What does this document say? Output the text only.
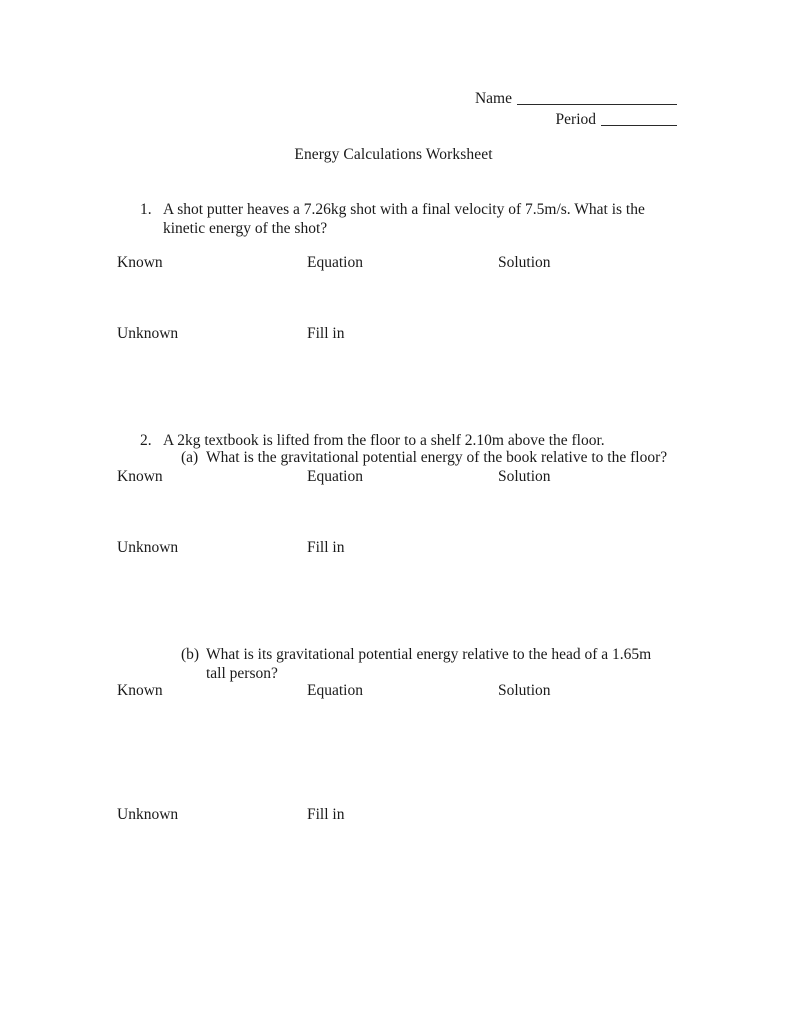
Name
Period
Energy Calculations Worksheet
1. A shot putter heaves a 7.26kg shot with a final velocity of 7.5m/s. What is the kinetic energy of the shot?
Known	Equation	Solution
Unknown	Fill in
2. A 2kg textbook is lifted from the floor to a shelf 2.10m above the floor.
(a) What is the gravitational potential energy of the book relative to the floor?
Known	Equation	Solution
Unknown	Fill in
(b) What is its gravitational potential energy relative to the head of a 1.65m tall person?
Known	Equation	Solution
Unknown	Fill in
